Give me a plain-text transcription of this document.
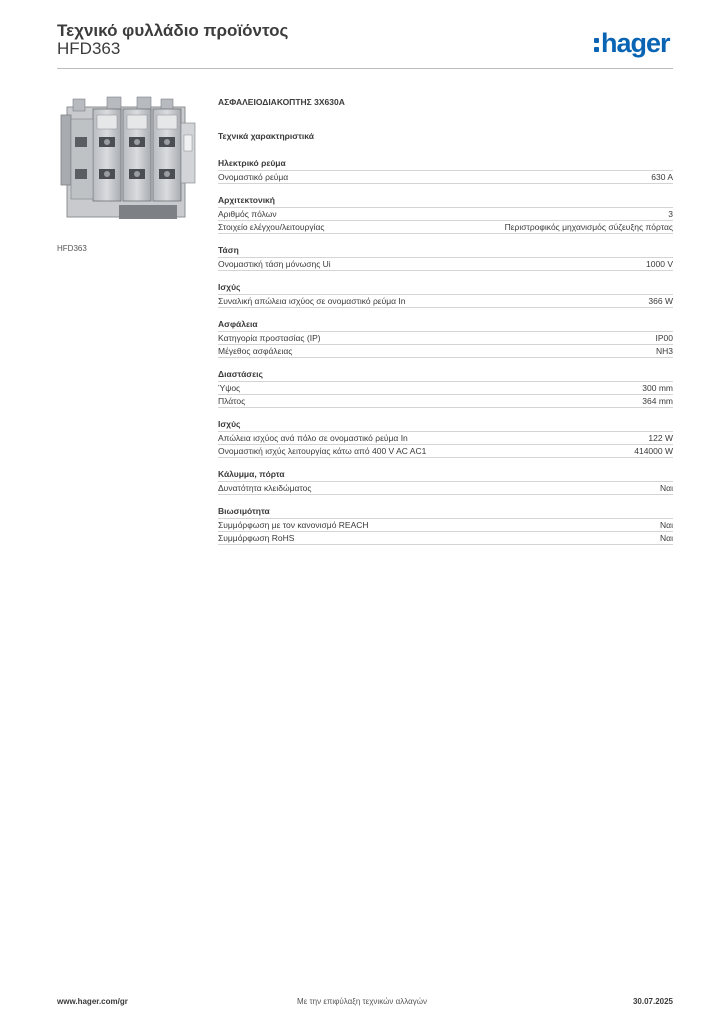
Τεχνικό φυλλάδιο προϊόντος
HFD363	hager
HFD363
ΑΣΦΑΛΕΙΟΔΙΑΚΟΠΤΗΣ 3Χ630Α
Τεχνικά χαρακτηριστικά
Ηλεκτρικό ρεύμα
Ονομαστικό ρεύμα	630 A
Αρχιτεκτονική
Αριθμός πόλων	3
Στοιχείο ελέγχου/λειτουργίας	Περιστροφικός μηχανισμός σύζευξης πόρτας
Τάση
Ονομαστική τάση μόνωσης Ui	1000 V
Ισχύς
Συναλική απώλεια ισχύος σε ονομαστικό ρεύμα In	366 W
Ασφάλεια
Κατηγορία προστασίας (IP)	IP00
Μέγεθος ασφάλειας	NH3
Διαστάσεις
Ύψος	300 mm
Πλάτος	364 mm
Ισχύς
Απώλεια ισχύος ανά πόλο σε ονομαστικό ρεύμα In	122 W
Ονομαστική ισχύς λειτουργίας κάτω από 400 V AC AC1	414000 W
Κάλυμμα, πόρτα
Δυνατότητα κλειδώματος	Ναι
Βιωσιμότητα
Συμμόρφωση με τον κανονισμό REACH	Ναι
Συμμόρφωση RoHS	Ναι
www.hager.com/gr	Με την επιφύλαξη τεχνικών αλλαγών	30.07.2025
